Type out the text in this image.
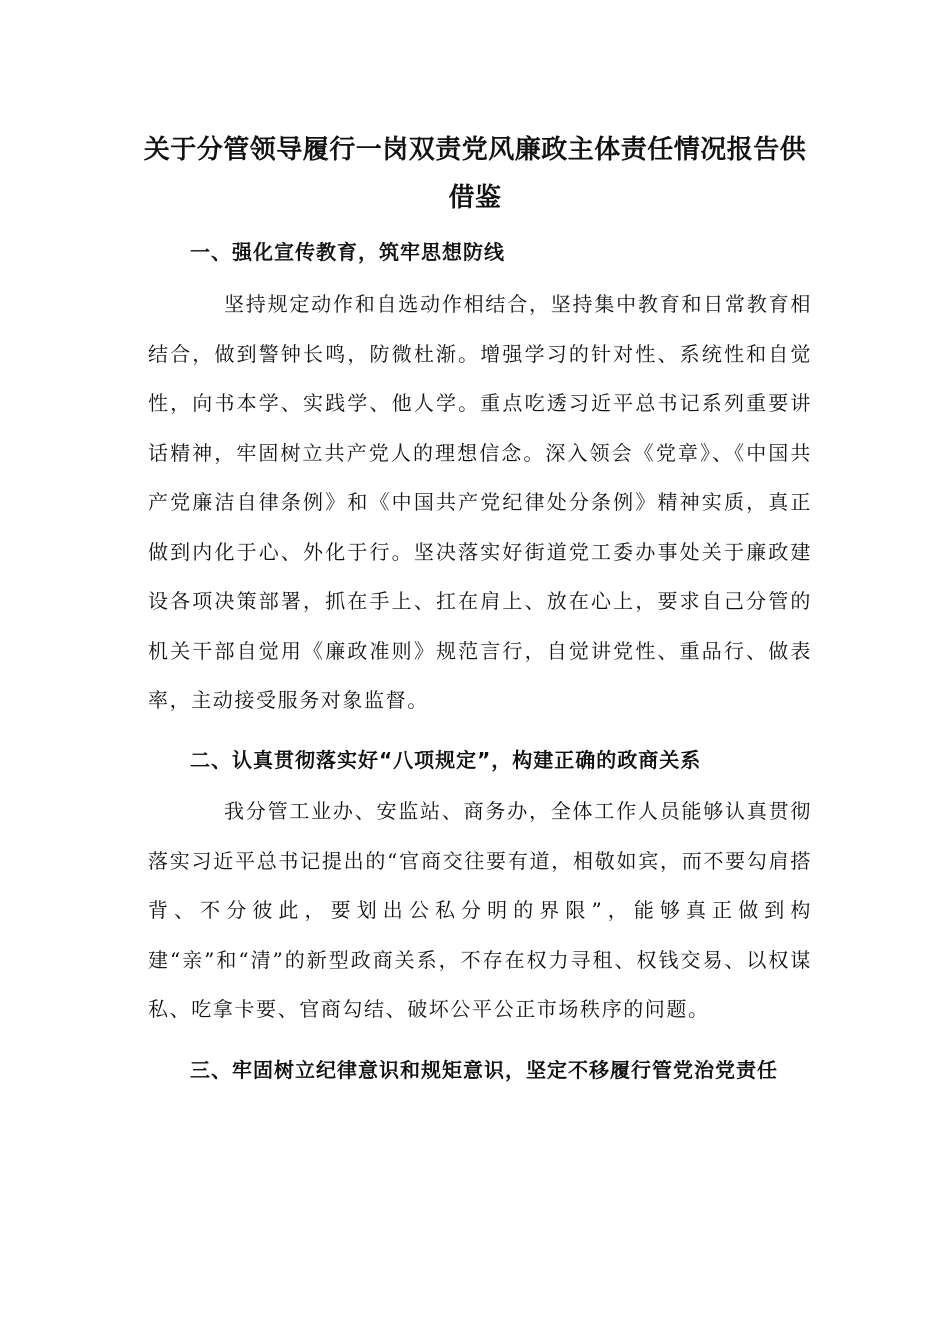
关于分管领导履行一岗双责党风廉政主体责任情况报告供借鉴
一、强化宣传教育，筑牢思想防线

坚持规定动作和自选动作相结合，坚持集中教育和日常教育相结合，做到警钟长鸣，防微杜渐。增强学习的针对性、系统性和自觉性，向书本学、实践学、他人学。重点吃透习近平总书记系列重要讲话精神，牢固树立共产党人的理想信念。深入领会《党章》、《中国共产党廉洁自律条例》和《中国共产党纪律处分条例》精神实质，真正做到内化于心、外化于行。坚决落实好街道党工委办事处关于廉政建设各项决策部署，抓在手上、扛在肩上、放在心上，要求自己分管的机关干部自觉用《廉政准则》规范言行，自觉讲党性、重品行、做表率，主动接受服务对象监督。

二、认真贯彻落实好“八项规定”，构建正确的政商关系

我分管工业办、安监站、商务办，全体工作人员能够认真贯彻落实习近平总书记提出的“官商交往要有道，相敬如宾，而不要勾肩搭背、不分彼此，要划出公私分明的界限”，能够真正做到构建“亲”和“清”的新型政商关系，不存在权力寻租、权钱交易、以权谋私、吃拿卡要、官商勾结、破坏公平公正市场秩序的问题。

三、牢固树立纪律意识和规矩意识，坚定不移履行管党治党责任
